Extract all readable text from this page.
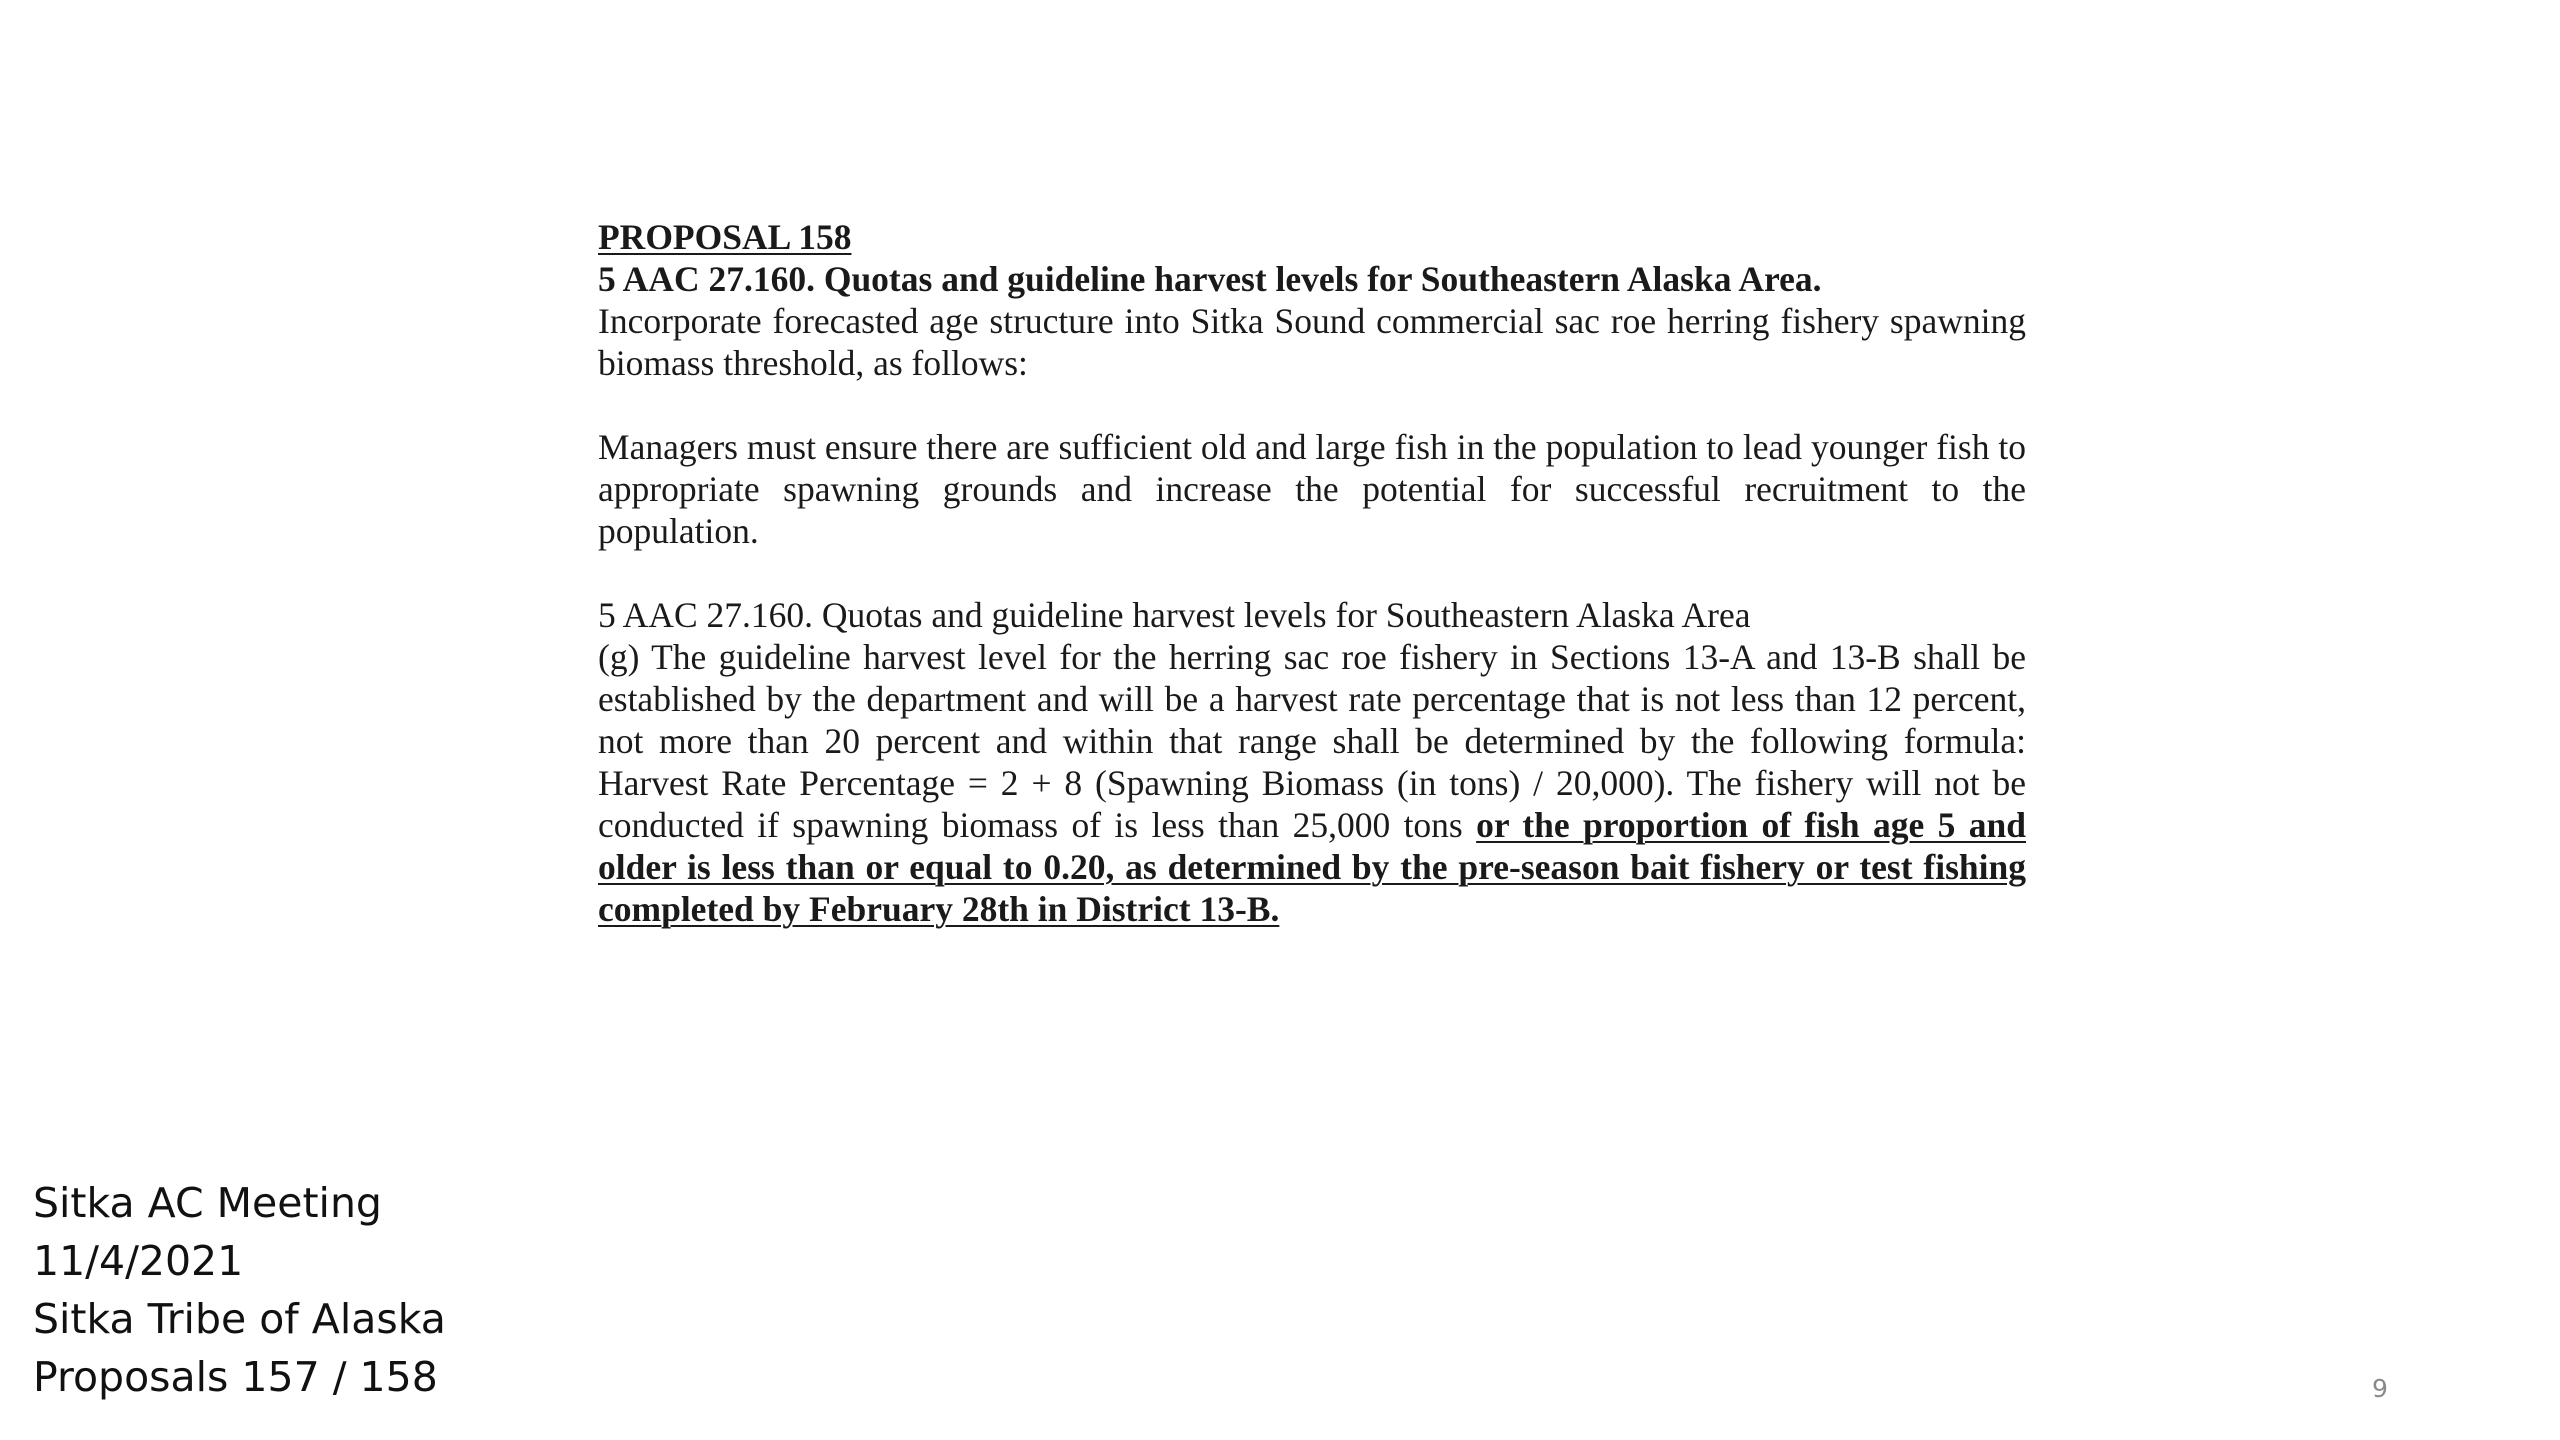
PROPOSAL 158
5 AAC 27.160. Quotas and guideline harvest levels for Southeastern Alaska Area.
Incorporate forecasted age structure into Sitka Sound commercial sac roe herring fishery spawning biomass threshold, as follows:
Managers must ensure there are sufficient old and large fish in the population to lead younger fish to appropriate spawning grounds and increase the potential for successful recruitment to the population.
5 AAC 27.160. Quotas and guideline harvest levels for Southeastern Alaska Area
(g) The guideline harvest level for the herring sac roe fishery in Sections 13-A and 13-B shall be established by the department and will be a harvest rate percentage that is not less than 12 percent, not more than 20 percent and within that range shall be determined by the following formula: Harvest Rate Percentage = 2 + 8 (Spawning Biomass (in tons) / 20,000). The fishery will not be conducted if spawning biomass of is less than 25,000 tons or the proportion of fish age 5 and older is less than or equal to 0.20, as determined by the pre-season bait fishery or test fishing completed by February 28th in District 13-B.
Sitka AC Meeting
11/4/2021
Sitka Tribe of Alaska
Proposals 157 / 158	9
